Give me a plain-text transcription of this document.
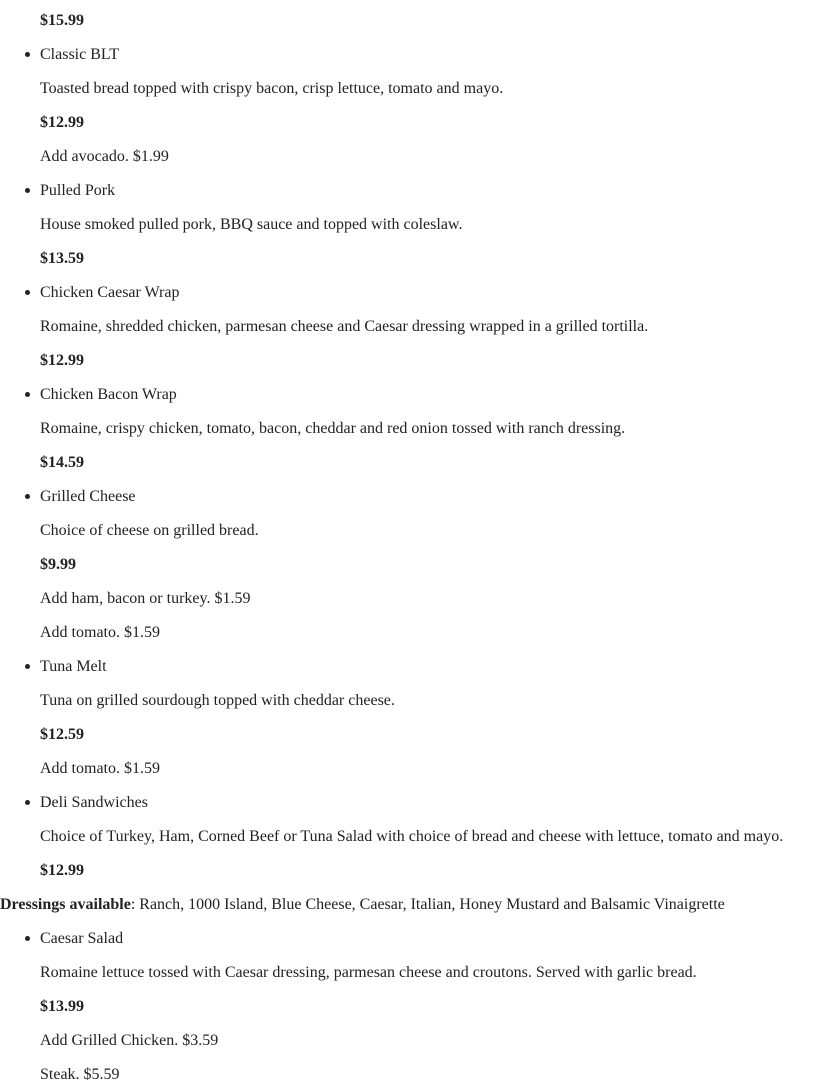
$15.99
Classic BLT
Toasted bread topped with crispy bacon, crisp lettuce, tomato and mayo.
$12.99
Add avocado. $1.99
Pulled Pork
House smoked pulled pork, BBQ sauce and topped with coleslaw.
$13.59
Chicken Caesar Wrap
Romaine, shredded chicken, parmesan cheese and Caesar dressing wrapped in a grilled tortilla.
$12.99
Chicken Bacon Wrap
Romaine, crispy chicken, tomato, bacon, cheddar and red onion tossed with ranch dressing.
$14.59
Grilled Cheese
Choice of cheese on grilled bread.
$9.99
Add ham, bacon or turkey. $1.59
Add tomato. $1.59
Tuna Melt
Tuna on grilled sourdough topped with cheddar cheese.
$12.59
Add tomato. $1.59
Deli Sandwiches
Choice of Turkey, Ham, Corned Beef or Tuna Salad with choice of bread and cheese with lettuce, tomato and mayo.
$12.99
Dressings available: Ranch, 1000 Island, Blue Cheese, Caesar, Italian, Honey Mustard and Balsamic Vinaigrette
Caesar Salad
Romaine lettuce tossed with Caesar dressing, parmesan cheese and croutons. Served with garlic bread.
$13.99
Add Grilled Chicken. $3.59
Steak. $5.59
